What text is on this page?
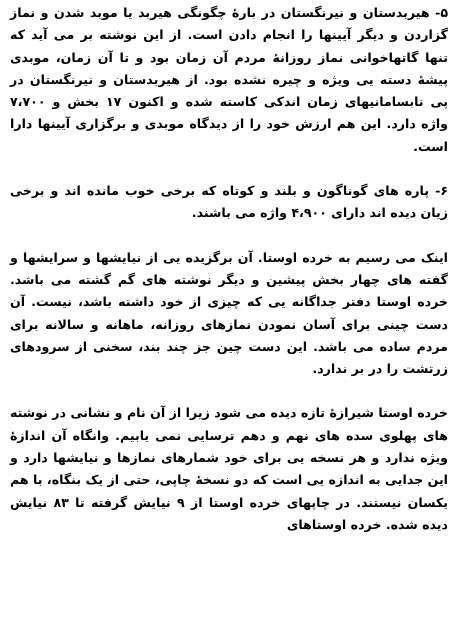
۵- هیربدستان و نیرنگستان در بارهٔ چگونگی هیربد یا موبد شدن و نماز گزاردن و دیگر آیینها را انجام دادن است. از این نوشته بر می آید که تنها گاتهاخوانی نماز روزانهٔ مردم آن زمان بود و تا آن زمان، موبدی پیشهٔ دسته یی ویژه و چیره نشده بود. از هیربدستان و نیرنگستان در پی نابسامانیهای زمان اندکی کاسته شده و اکنون ۱۷ بخش و ۷،۷۰۰ واژه دارد. این هم ارزش خود را از دیدگاه موبدی و برگزاری آیینها دارا است.

۶- پاره های گوناگون و بلند و کوتاه که برخی خوب مانده اند و برخی زیان دیده اند دارای ۴،۹۰۰ واژه می باشند.

اینک می رسیم به خرده اوستا. آن برگزیده یی از نیایشها و سرایشها و گفته های چهار بخش پیشین و دیگر نوشته های گم گشته می باشد. خرده اوستا دفتر جداگانه یی که چیزی از خود داشته باشد، نیست. آن دست چینی برای آسان نمودن نمازهای روزانه، ماهانه و سالانه برای مردم ساده می باشد. این دست چین جز چند بند، سخنی از سرودهای زرتشت را در بر ندارد.

خرده اوستا شیرازهٔ تازه دیده می شود زیرا از آن نام و نشانی در نوشته های پهلوی سده های نهم و دهم ترسایی نمی یابیم. وانگاه آن اندازهٔ ویژه ندارد و هر نسخه یی برای خود شمارهای نمازها و نیایشها دارد و این جدایی به اندازه یی است که دو نسخهٔ چاپی، حتی از یک بنگاه، با هم یکسان نیستند. در چاپهای خرده اوستا از ۹ نیایش گرفته تا ۸۳ نیایش دیده شده. خرده اوستاهای
